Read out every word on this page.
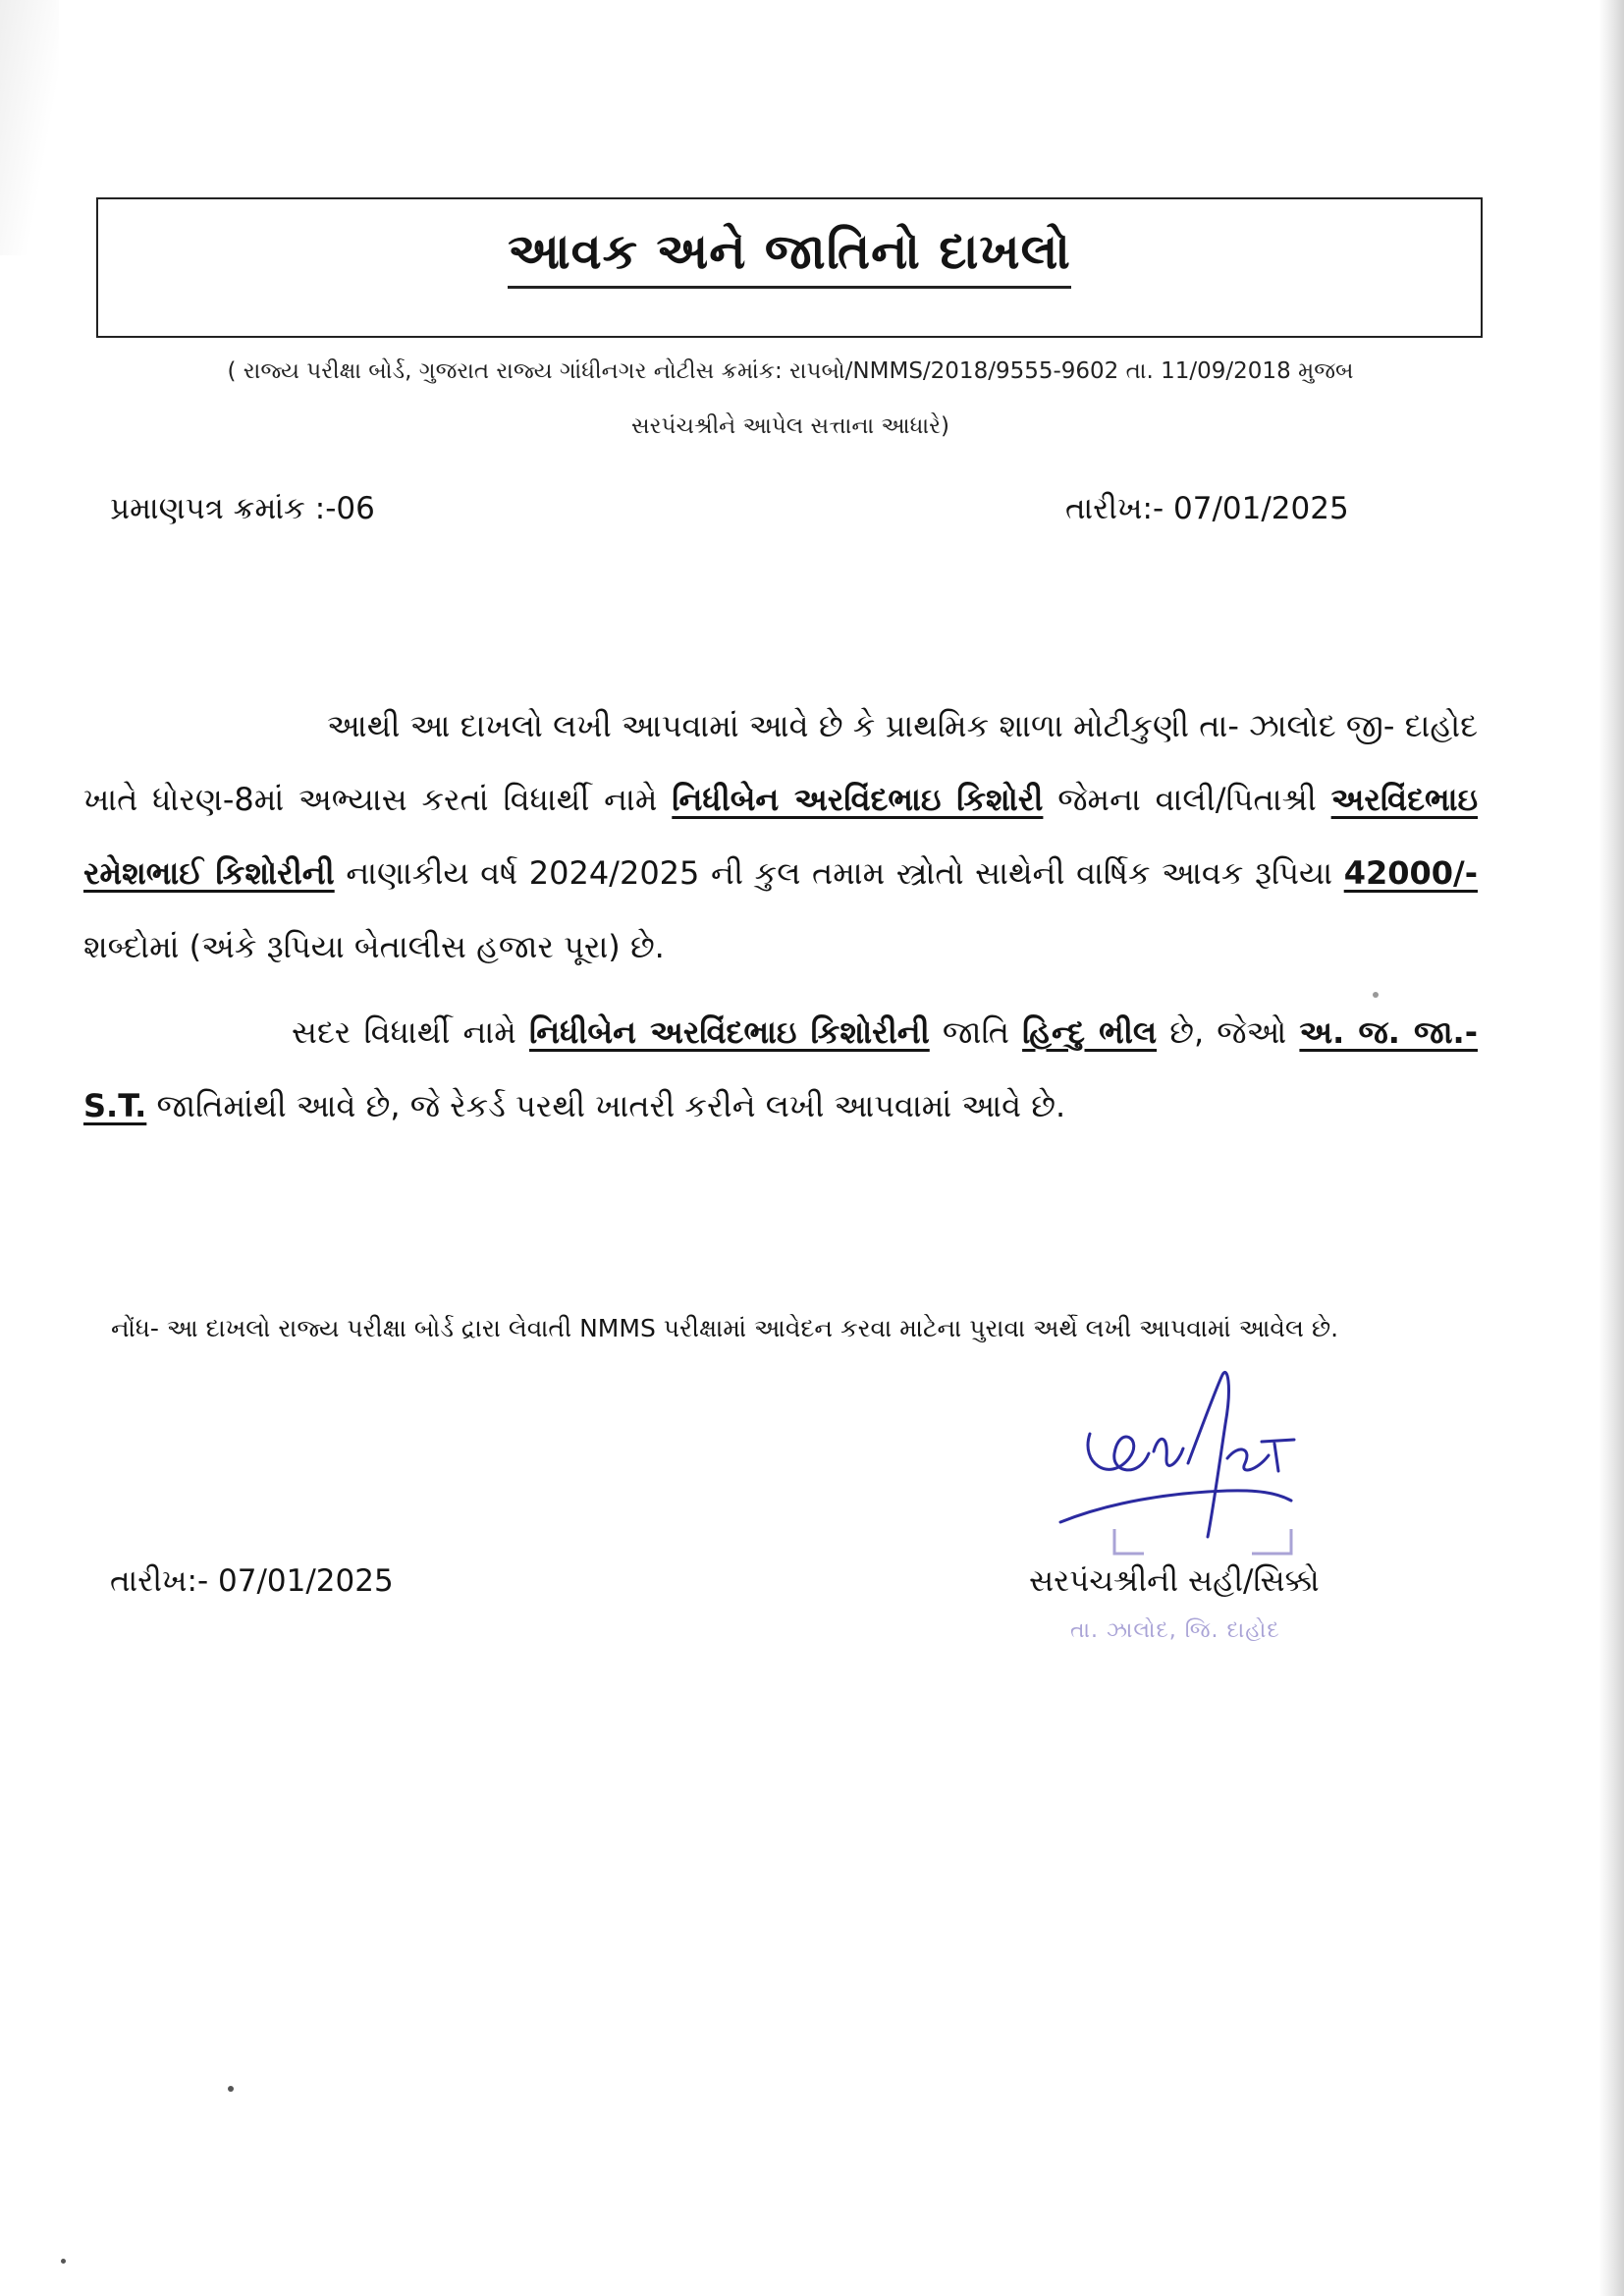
આવક અને જાતિનો દાખલો
( રાજ્ય પરીક્ષા બોર્ડ, ગુજરાત રાજ્ય ગાંધીનગર નોટીસ ક્રમાંક: રાપબો/NMMS/2018/9555-9602 તા. 11/09/2018 મુજબ
સરપંચશ્રીને આપેલ સત્તાના આધારે)
પ્રમાણપત્ર ક્રમાંક :-06	તારીખ:- 07/01/2025

આથી આ દાખલો લખી આપવામાં આવે છે કે પ્રાથમિક શાળા મોટીકુણી તા- ઝાલોદ જી- દાહોદ ખાતે ધોરણ-8માં અભ્યાસ કરતાં વિધાર્થી નામે નિધીબેન અરવિંદભાઇ કિશોરી જેમના વાલી/પિતાશ્રી અરવિંદભાઇ રમેશભાઈ કિશોરીની નાણાકીય વર્ષ 2024/2025 ની કુલ તમામ સ્ત્રોતો સાથેની વાર્ષિક આવક રૂપિયા 42000/- શબ્દોમાં (અંકે રૂપિયા બેતાલીસ હજાર પૂરા) છે.

સદર વિધાર્થી નામે નિધીબેન અરવિંદભાઇ કિશોરીની જાતિ હિન્દુ ભીલ છે, જેઓ અ. જ. જા.- S.T. જાતિમાંથી આવે છે, જે રેકર્ડ પરથી ખાતરી કરીને લખી આપવામાં આવે છે.

નોંધ- આ દાખલો રાજ્ય પરીક્ષા બોર્ડ દ્રારા લેવાતી NMMS પરીક્ષામાં આવેદન કરવા માટેના પુરાવા અર્થે લખી આપવામાં આવેલ છે.
તારીખ:- 07/01/2025	સરપંચશ્રીની સહી/સિક્કો
તા. ઝાલોદ, જિ. દાહોદ
